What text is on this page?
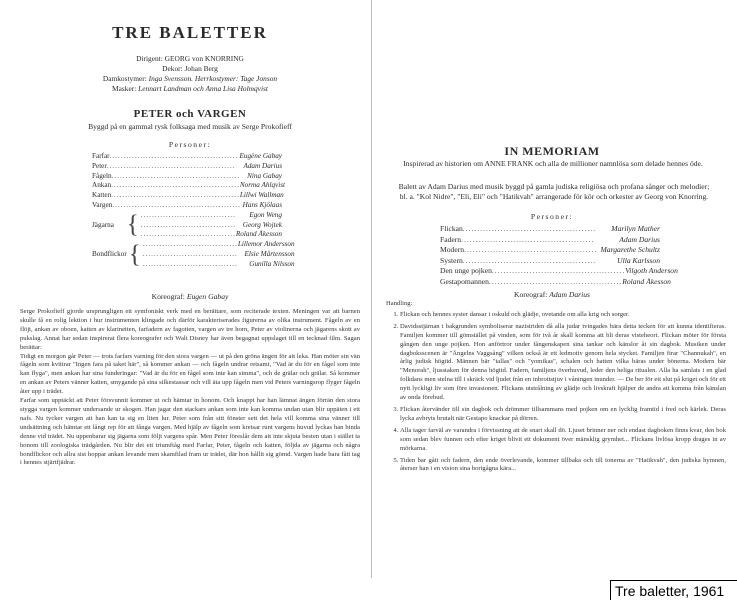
TRE BALETTER
Dirigent: GEORG von KNORRING
Dekor: Johan Berg
Damkostymer: Inga Svensson. Herrkostymer: Tage Jonson
Masker: Lennart Landman och Anna Lisa Holmqvist
PETER och VARGEN
Byggd på en gammal rysk folksaga med musik av Serge Prokofieff
Personer:
Farfar .............................................. Eugène Gabay
Peter ..............................................	Adam Darius
Fågeln .............................................. Nina Gabay
Ankan .............................................. Norma Ahlqvist
Katten .............................................. Lillwi Wallman
Vargen .............................................. Hans Kjölaas
Jägarna { ..................................	Egon Weng
.................................. Georg Wojtek
.................................. Roland Åkesson
Bondflickor { .................................. Lillemor Andersson
.................................. Elsie Mårtensson
..................................	Gunilla Nilsson
Koreograf: Eugen Gabay

Serge Prokofieff gjorde ursprungligen ett symfoniskt verk med en berättare, som reciterade texten. Meningen var att barnen skulle få en rolig lektion i hur instrumenten klingade och därför karakteriserades figurerna av olika instrument. Fågeln av en flöjt, ankan av oboen, katten av klarinetten, farfadern av fagotten, vargen av tre horn, Peter av violinerna och jägarens skott av pukslag. Annat har sedan inspirerat flera koreografer och Walt Disney har även begagnat uppslaget till en tecknad film. Sagan berättar:

Tidigt en morgon går Peter — trots farfars varning för den stora vargen — ut på den gröna ängen för att leka. Han möter sin vän fågeln som kvittrar "Ingen fara på taket här", så kommer ankan — och fågeln undrar retsamt, "Vad är du för en fågel som inte kan flyga", men ankan har sina funderingar: "Vad är du för en fågel som inte kan simma", och de grälar och grälar. Så kommer en ankan av Peters vänner katten, smygande på sina silkestassar och vill äta upp fågeln men vid Peters varningsrop flyger fågeln åter upp i trädet.

Farfar som upptäckt att Peter försvunnit kommer ut och hämtar in honom. Och knappt har han lämnat ängen förrän den stora stygga vargen kommer undersande ur skogen. Han jagar den stackars ankan som inte kan komma undan utan blir uppäten i ett nafs. Nu tycker vargen att han kan ta sig en liten lur. Peter som från sitt fönster sett det hela vill komma sina vänner till undsättning och hämtar ett långt rep för att fånga vargen. Med hjälp av fågeln som kretsar runt vargens huvud lyckas han binda denne vid trädet. Nu uppenbarar sig jägarna som följt vargens spår. Men Peter föreslår dem att inte skjuta besten utan i stället ta honom till zoologiska trädgården. Nu blir det ett triumftåg med Farfar, Peter, fågeln och katten, följda av jägarna och några bondflickor och allra sist hoppar ankan levande men skamfilad fram ur trädet, där hon hållit sig gömd. Vargen hade bara fått tag i hennes stjärtfjädrar.

IN MEMORIAM
Inspirerad av historien om ANNE FRANK och alla de millioner namnlösa som delade hennes öde.
Balett av Adam Darius med musik byggd på gamla judiska religiösa och profana sånger och melodier; bl. a. "Kol Nidre", "Eli, Eli" och "Hatikvah" arrangerade för kör och orkester av Georg von Knorring.
Personer:
Flickan ..............................................	Marilyn Mather
Fadern ..............................................	Adam Darius
Modern .............................................. Margarethe Schultz
Systern ..............................................	Ulla Karlsson
Den unge pojken .............................................. Vilgoth Anderson
Gestapomannen .............................................. Roland Åkesson
Koreograf: Adam Darius
Handling:
1. Flickan och hennes syster dansar i oskuld och glädje, ovetande om alla krig och sorger.
2. Davidsstjärnan i bakgrunden symboliserar nazistriden då alla judar tvingades bära detta tecken för att kunna identifieras. Familjen kommer till gömstället på vinden, som för två år skall komma att bli deras visteheort. Flickan möter för första gången den unge pojken. Hon anförtror under fångenskapen sina tankar och känslor åt sin dagbok. Musiken under dagboksscenen är "Ängelns Vaggsång" vilken också är ett ledmotiv genom hela stycket. Familjen firar "Channukah", en årlig judisk högtid. Männen bär "tallas" och "yomikas", schalen och hatten vilka bäras under bönerna. Modern bär "Menorah", ljusstaken för denna högtid. Fadern, familjens överhuvud, leder den heliga ritualen. Alla ha samlats i en glad folkdans men stelna till i skräck vid ljudet från en inbrottstjuv i våningen inunder. — De ber för ett slut på kriget och för ett nytt lyckligt liv som före invasionen. Flickans utstrålning av glädje och livskraft hjälper de andra att komma från känslan av onda förebud.
3. Flickan återvänder till sin dagbok och drömmer tillsammans med pojken om en lycklig framtid i fred och kärlek. Deras lycka avbryts brutalt när Gestapo knackar på dörren.
4. Alla tager farväl av varandra i förvissning att de snart skall dö. Ljuset brinner ner och endast dagboken finns kvar, den bok som sedan blev funnen och efter kriget blivit ett dokument över mänsklig grymhet... Flickans livlösa kropp drages in av mörkarna.
5. Tiden bar gått och fadern, den ende överlevande, kommer tillbaka och till tonerna av "Hatikvah", den judiska hymnen, återser han i en vision sina bortgågna kära...
Tre baletter, 1961
